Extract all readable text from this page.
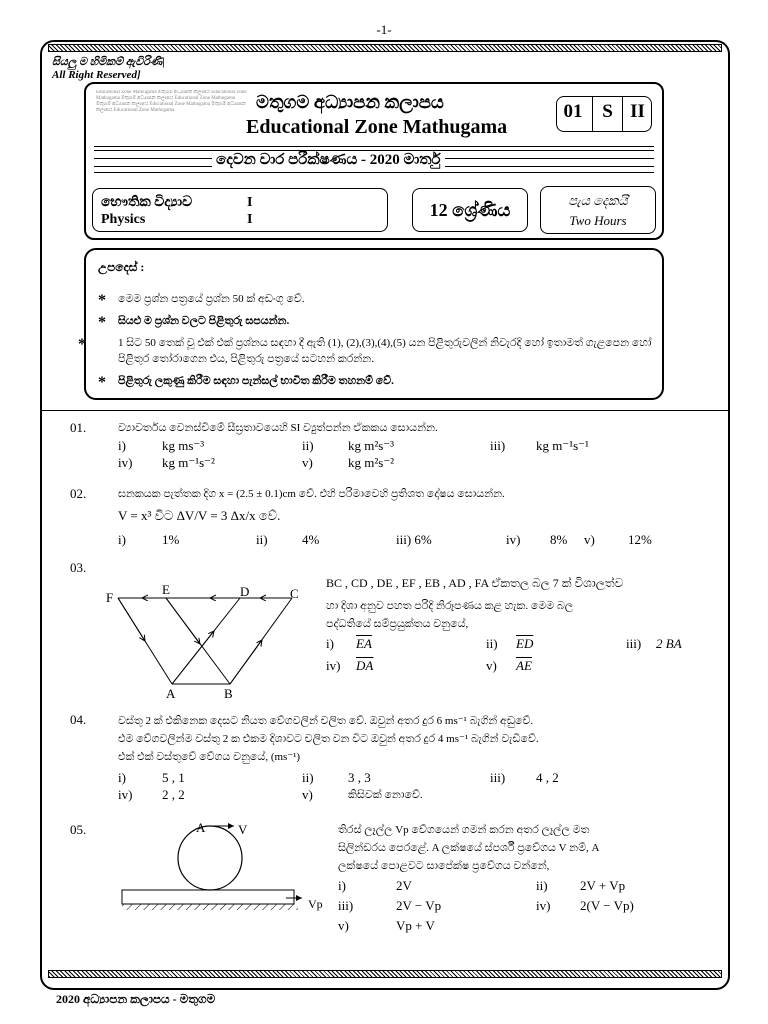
-1-
සියලු ම හිමිකම් ඇවිරිණි|
All Right Reserved]
Educational Zone Mathugama මතුගම අධ්‍යාපන කලාපය Educational Zone Mathugama මතුගම අධ්‍යාපන කලාපය Educational Zone Mathugama මතුගම අධ්‍යාපන කලාපය Educational Zone Mathugama මතුගම අධ්‍යාපන කලාපය Educational Zone Mathugama	මතුගම අධ්‍යාපන කලාපය
Educational Zone Mathugama
01	S II
දෙවන වාර පරීක්ෂණය - 2020 මාර්තු
භෞතික විද්‍යාව
Physics
I
I	12 ශ්‍රේණිය	පැය දෙකයි
Two Hours
උපදෙස් :
* මෙම ප්‍රශ්න පත්‍රයේ ප්‍රශ්න 50 ක් අඩංගු වේ.
* සියළු ම ප්‍රශ්න වලට පිළිතුරු සපයන්න.
*	1 සිට 50 තෙක් වූ එක් එක් ප්‍රශ්නය සඳහා දී ඇති (1), (2),(3),(4),(5) යන පිළිතුරුවලින් නිවැරදි හෝ ඉතාමත් ගැළපෙන හෝ පිළිතුර තෝරාගෙන එය, පිළිතුරු පත්‍රයේ සටහන් කරන්න.
* පිළිතුරු ලකුණු කිරීම සඳහා පැන්සල් භාවිත කිරීම තහනම් වේ.
01.	ව්‍යාවර්තය වෙනස්වීමේ සීඝ්‍රතාවයෙහි SI ව්‍යුත්පන්න ඒකකය සොයන්න.
i)	kg ms⁻³	ii)	kg m²s⁻³	iii) kg m⁻¹s⁻¹
iv) kg m⁻¹s⁻²	v)	kg m²s⁻²
02.	ඝනකයක පැත්තක දිග x = (2.5 ± 0.1)cm වේ. එහි පරිමාවෙහි ප්‍රතිශත දෝෂය සොයන්න.
V = x³ විට ΔV/V = 3 Δx/x වේ.
i)	1%	ii)	4%	iii) 6%	iv) 8% v)	12%
03.
F
E	D	C
A	B
BC , CD , DE , EF , EB , AD , FA ඒකතල බල 7 ක් විශාලත්ව
හා දිශා අනුව පහත පරිදි නිරූපණය කළ හැක. මෙම බල
පද්ධතියේ සම්ප්‍රයුක්තය වනුයේ,
i) $\overline{EA}$	ii) $\overline{ED}$	iii) 2 BA
iv) $\overline{DA}$	v) $\overline{AE}$
04.	වස්තු 2 ක් එකිනෙක දෙසට නියත වේගවලින් චලිත වේ. ඔවුන් අතර දුර 6 ms⁻¹ බැගින් අඩුවේ.
එම වේගවලින්ම වස්තු 2 ක එකම දිශාවට චලිත වන විට ඔවුන් අතර දුර 4 ms⁻¹ බැගින් වැඩිවේ.
එක් එක් වස්තුවේ වේගය වනුයේ, (ms⁻¹)
i)	5 , 1	ii)	3 , 3	iii) 4 , 2
iv) 2 , 2	v)	කිසිවක් නොවේ.
05.	A	V
Vp
තිරස් ලෑල්ල Vp වේගයෙන් ගමන් කරන අතර ලෑල්ල මත
සිලින්ඩරය පෙරළේ. A ලක්ෂයේ ස්පර්ශී ප්‍රවේගය V නම්, A
ලක්ෂයේ පොළවට සාපේක්ෂ ප්‍රවේගය වන්නේ,
i)	2V	ii) 2V + Vp
iii)	2V − Vp	iv) 2(V − Vp)
v)	Vp + V
2020 අධ්‍යාපන කලාපය - මතුගම
